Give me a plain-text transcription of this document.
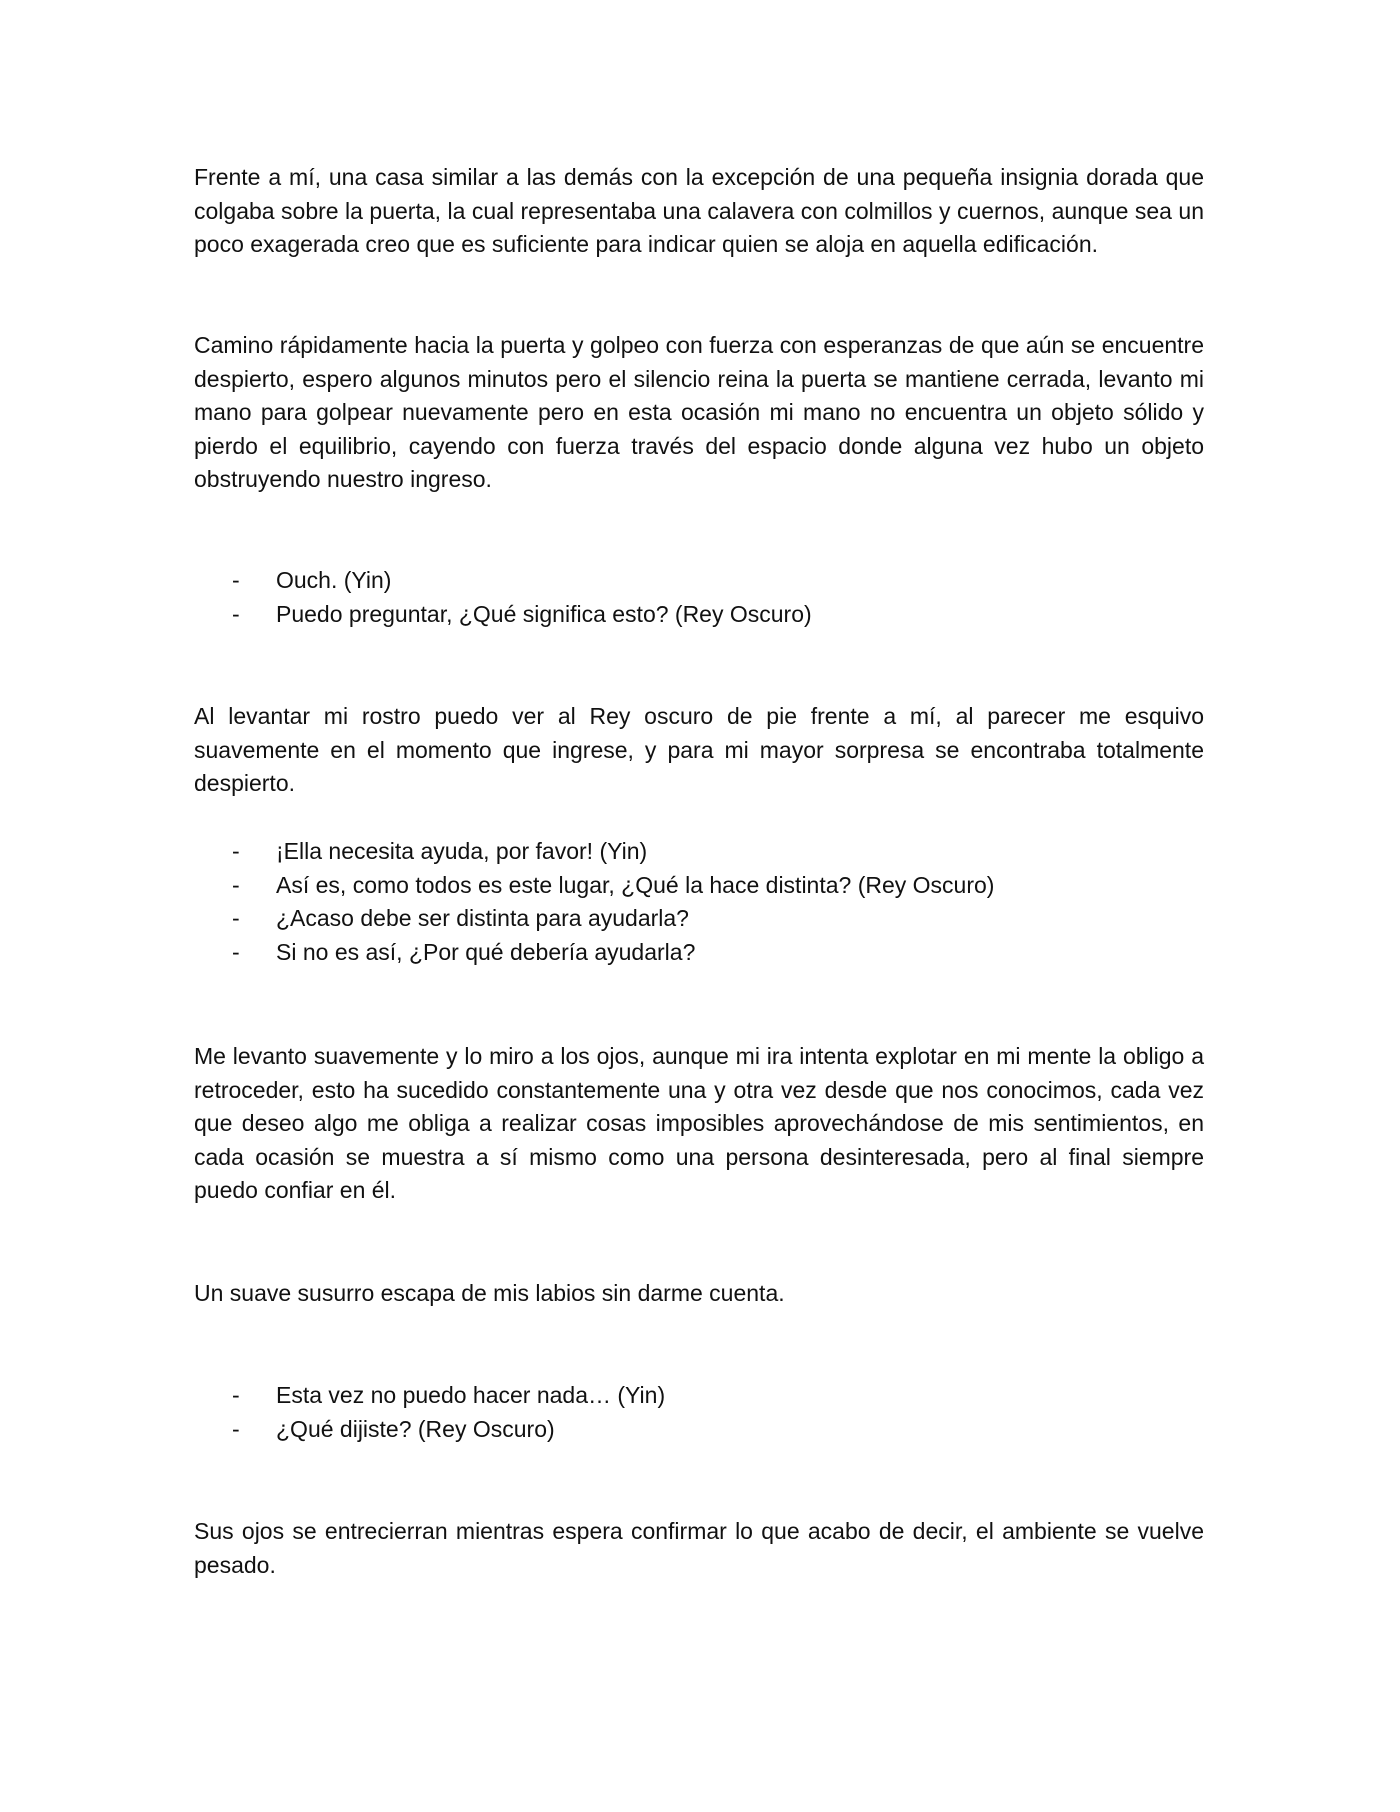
Frente a mí, una casa similar a las demás con la excepción de una pequeña insignia dorada que colgaba sobre la puerta, la cual representaba una calavera con colmillos y cuernos, aunque sea un poco exagerada creo que es suficiente para indicar quien se aloja en aquella edificación.

Camino rápidamente hacia la puerta y golpeo con fuerza con esperanzas de que aún se encuentre despierto, espero algunos minutos pero el silencio reina la puerta se mantiene cerrada, levanto mi mano para golpear nuevamente pero en esta ocasión mi mano no encuentra un objeto sólido y pierdo el equilibrio, cayendo con fuerza través del espacio donde alguna vez hubo un objeto obstruyendo nuestro ingreso.

- Ouch. (Yin)
- Puedo preguntar, ¿Qué significa esto? (Rey Oscuro)

Al levantar mi rostro puedo ver al Rey oscuro de pie frente a mí, al parecer me esquivo suavemente en el momento que ingrese, y para mi mayor sorpresa se encontraba totalmente despierto.

- ¡Ella necesita ayuda, por favor! (Yin)
- Así es, como todos es este lugar, ¿Qué la hace distinta? (Rey Oscuro)
- ¿Acaso debe ser distinta para ayudarla?
- Si no es así, ¿Por qué debería ayudarla?

Me levanto suavemente y lo miro a los ojos, aunque mi ira intenta explotar en mi mente la obligo a retroceder, esto ha sucedido constantemente una y otra vez desde que nos conocimos, cada vez que deseo algo me obliga a realizar cosas imposibles aprovechándose de mis sentimientos, en cada ocasión se muestra a sí mismo como una persona desinteresada, pero al final siempre puedo confiar en él.

Un suave susurro escapa de mis labios sin darme cuenta.

- Esta vez no puedo hacer nada… (Yin)
- ¿Qué dijiste? (Rey Oscuro)

Sus ojos se entrecierran mientras espera confirmar lo que acabo de decir, el ambiente se vuelve pesado.
